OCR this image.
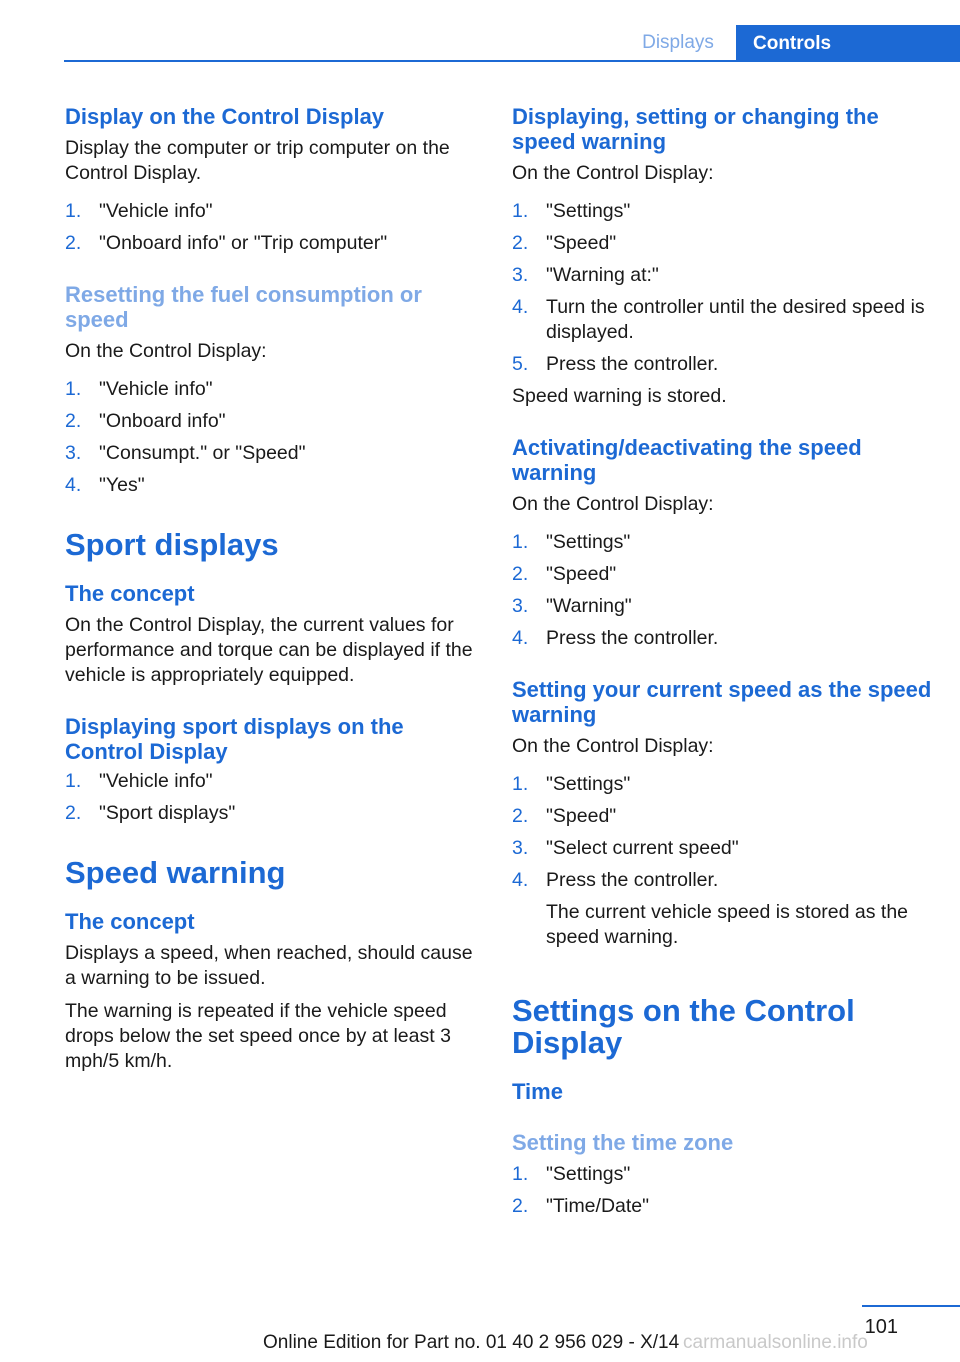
Displays	Controls
Display on the Control Display

Display the computer or trip computer on the Control Display.

1. "Vehicle info"
2. "Onboard info" or "Trip computer"
Resetting the fuel consumption or speed

On the Control Display:

1. "Vehicle info"
2. "Onboard info"
3. "Consumpt." or "Speed"
4. "Yes"
Sport displays
The concept

On the Control Display, the current values for performance and torque can be displayed if the vehicle is appropriately equipped.

Displaying sport displays on the Control Display
1. "Vehicle info"
2. "Sport displays"
Speed warning
The concept

Displays a speed, when reached, should cause a warning to be issued.

The warning is repeated if the vehicle speed drops below the set speed once by at least 3 mph/5 km/h.

Displaying, setting or changing the speed warning

On the Control Display:

1. "Settings"
2. "Speed"
3. "Warning at:"
4. Turn the controller until the desired speed is displayed.
5. Press the controller.

Speed warning is stored.

Activating/deactivating the speed warning

On the Control Display:

1. "Settings"
2. "Speed"
3. "Warning"
4. Press the controller.
Setting your current speed as the speed warning

On the Control Display:

1. "Settings"
2. "Speed"
3. "Select current speed"
4. Press the controller.

The current vehicle speed is stored as the speed warning.

Settings on the Control Display
Time
Setting the time zone
1. "Settings"
2. "Time/Date"
101
Online Edition for Part no. 01 40 2 956 029 - X/14 carmanualsonline.info
